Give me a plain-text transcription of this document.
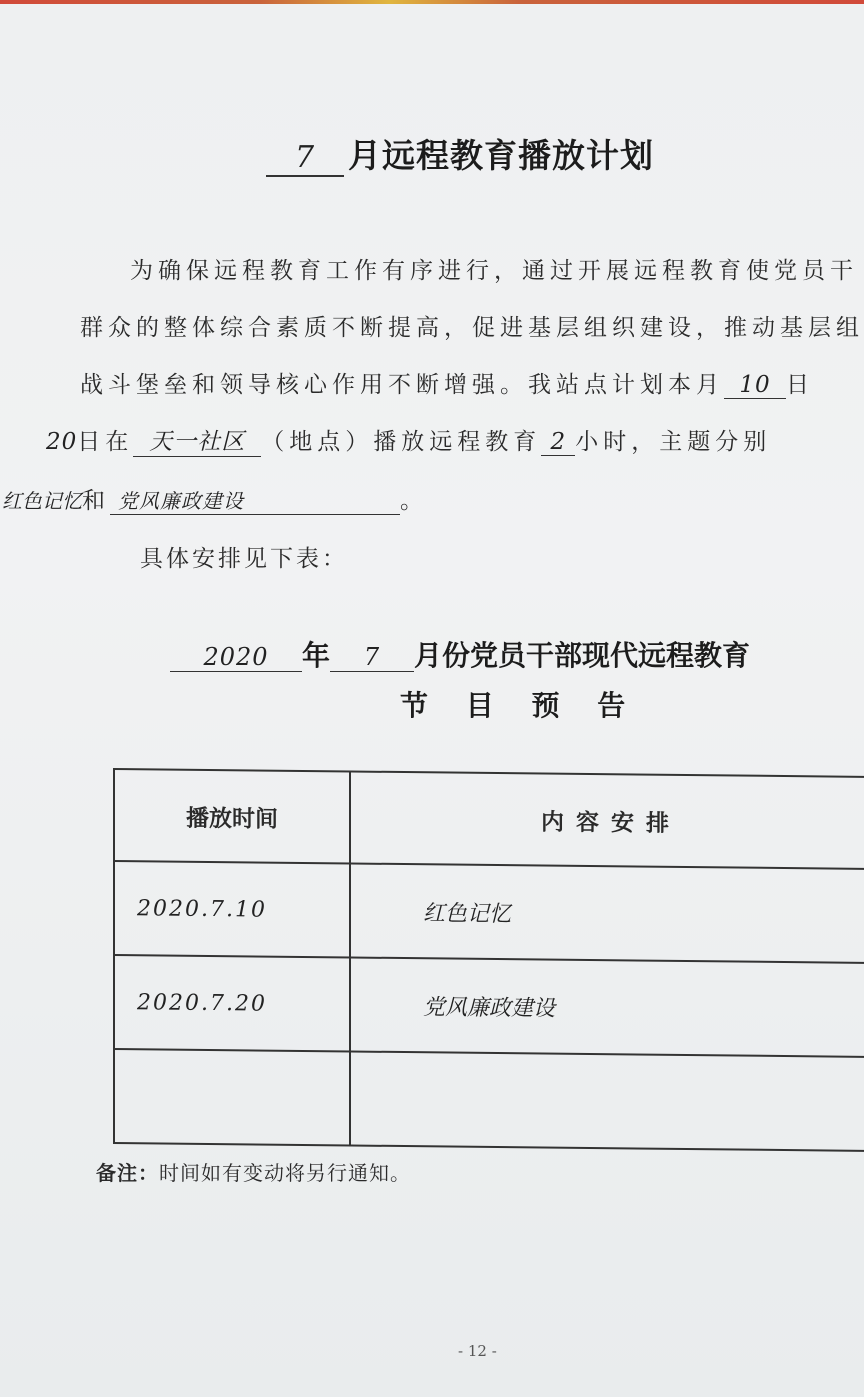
7 月远程教育播放计划
为确保远程教育工作有序进行，通过开展远程教育使党员干
群众的整体综合素质不断提高，促进基层组织建设，推动基层组
战斗堡垒和领导核心作用不断增强。我站点计划本月 10 日
20日在 天一社区 （地点）播放远程教育 2 小时，主题分别
红色记忆和 党风廉政建设	。
具体安排见下表：
2020 年 7 月份党员干部现代远程教育
节 目 预 告
播放时间	内容安排
2020.7.10	红色记忆
2020.7.20	党风廉政建设

备注：时间如有变动将另行通知。
- 12 -
